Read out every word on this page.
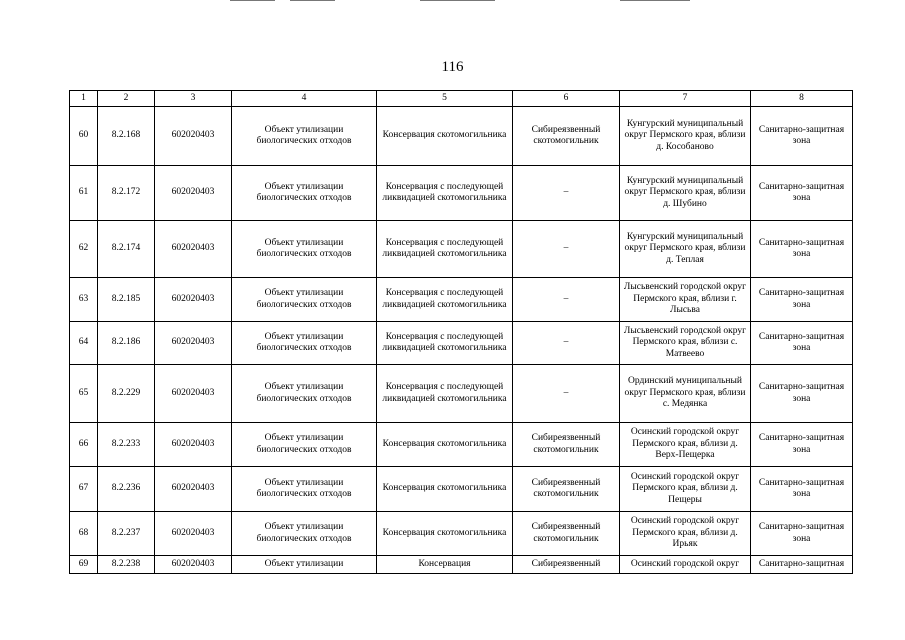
116
1	2	3	4	5	6	7	8
60	8.2.168	602020403	Объект утилизации биологических отходов	Консервация скотомогильника	Сибиреязвенный скотомогильник	Кунгурский муниципальный округ Пермского края, вблизи д. Кособаново	Санитарно-защитная зона
61	8.2.172	602020403	Объект утилизации биологических отходов	Консервация с последующей ликвидацией скотомогильника	–	Кунгурский муниципальный округ Пермского края, вблизи д. Шубино	Санитарно-защитная зона
62	8.2.174	602020403	Объект утилизации биологических отходов	Консервация с последующей ликвидацией скотомогильника	–	Кунгурский муниципальный округ Пермского края, вблизи д. Теплая	Санитарно-защитная зона
63	8.2.185	602020403	Объект утилизации биологических отходов	Консервация с последующей ликвидацией скотомогильника	–	Лысьвенский городской округ Пермского края, вблизи г. Лысьва	Санитарно-защитная зона
64	8.2.186	602020403	Объект утилизации биологических отходов	Консервация с последующей ликвидацией скотомогильника	–	Лысьвенский городской округ Пермского края, вблизи с. Матвеево	Санитарно-защитная зона
65	8.2.229	602020403	Объект утилизации биологических отходов	Консервация с последующей ликвидацией скотомогильника	–	Ординский муниципальный округ Пермского края, вблизи с. Медянка	Санитарно-защитная зона
66	8.2.233	602020403	Объект утилизации биологических отходов	Консервация скотомогильника	Сибиреязвенный скотомогильник	Осинский городской округ Пермского края, вблизи д. Верх-Пещерка	Санитарно-защитная зона
67	8.2.236	602020403	Объект утилизации биологических отходов	Консервация скотомогильника	Сибиреязвенный скотомогильник	Осинский городской округ Пермского края, вблизи д. Пещеры	Санитарно-защитная зона
68	8.2.237	602020403	Объект утилизации биологических отходов	Консервация скотомогильника	Сибиреязвенный скотомогильник	Осинский городской округ Пермского края, вблизи д. Ирьяк	Санитарно-защитная зона
69	8.2.238	602020403	Объект утилизации	Консервация	Сибиреязвенный	Осинский городской округ	Санитарно-защитная
